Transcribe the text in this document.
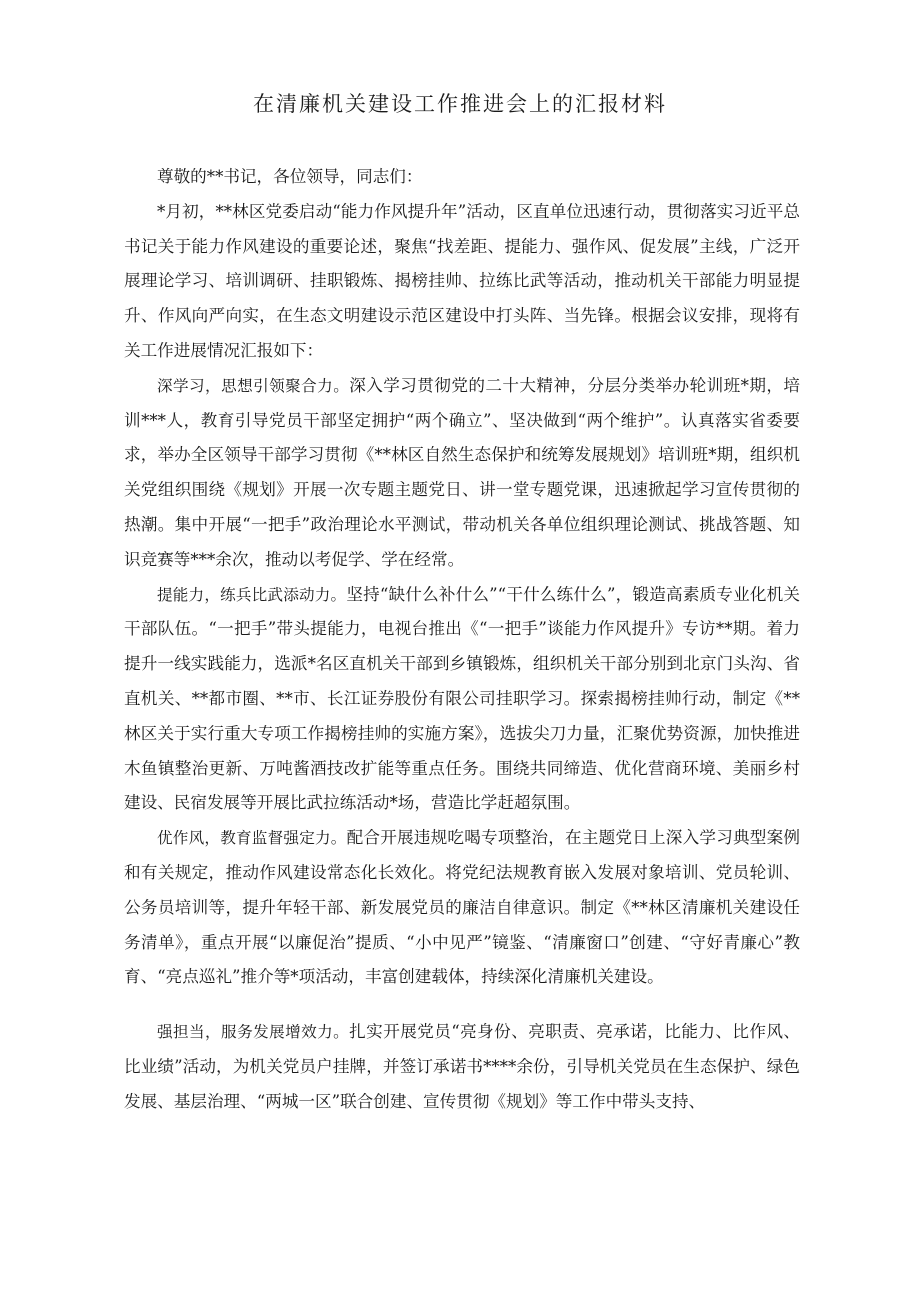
在清廉机关建设工作推进会上的汇报材料

尊敬的**书记，各位领导，同志们：

*月初，**林区党委启动“能力作风提升年”活动，区直单位迅速行动，贯彻落实习近平总书记关于能力作风建设的重要论述，聚焦“找差距、提能力、强作风、促发展”主线，广泛开展理论学习、培训调研、挂职锻炼、揭榜挂帅、拉练比武等活动，推动机关干部能力明显提升、作风向严向实，在生态文明建设示范区建设中打头阵、当先锋。根据会议安排，现将有关工作进展情况汇报如下：

深学习，思想引领聚合力。深入学习贯彻党的二十大精神，分层分类举办轮训班*期，培训***人，教育引导党员干部坚定拥护“两个确立”、坚决做到“两个维护”。认真落实省委要求，举办全区领导干部学习贯彻《**林区自然生态保护和统筹发展规划》培训班*期，组织机关党组织围绕《规划》开展一次专题主题党日、讲一堂专题党课，迅速掀起学习宣传贯彻的热潮。集中开展“一把手”政治理论水平测试，带动机关各单位组织理论测试、挑战答题、知识竞赛等***余次，推动以考促学、学在经常。

提能力，练兵比武添动力。坚持“缺什么补什么”“干什么练什么”，锻造高素质专业化机关干部队伍。“一把手”带头提能力，电视台推出《“一把手”谈能力作风提升》专访**期。着力提升一线实践能力，选派*名区直机关干部到乡镇锻炼，组织机关干部分别到北京门头沟、省直机关、**都市圈、**市、长江证券股份有限公司挂职学习。探索揭榜挂帅行动，制定《**林区关于实行重大专项工作揭榜挂帅的实施方案》，选拔尖刀力量，汇聚优势资源，加快推进木鱼镇整治更新、万吨酱酒技改扩能等重点任务。围绕共同缔造、优化营商环境、美丽乡村建设、民宿发展等开展比武拉练活动*场，营造比学赶超氛围。

优作风，教育监督强定力。配合开展违规吃喝专项整治，在主题党日上深入学习典型案例和有关规定，推动作风建设常态化长效化。将党纪法规教育嵌入发展对象培训、党员轮训、公务员培训等，提升年轻干部、新发展党员的廉洁自律意识。制定《**林区清廉机关建设任务清单》，重点开展“以廉促治”提质、“小中见严”镜鉴、“清廉窗口”创建、“守好青廉心”教育、“亮点巡礼”推介等*项活动，丰富创建载体，持续深化清廉机关建设。

强担当，服务发展增效力。扎实开展党员“亮身份、亮职责、亮承诺，比能力、比作风、比业绩”活动，为机关党员户挂牌，并签订承诺书****余份，引导机关党员在生态保护、绿色发展、基层治理、“两城一区”联合创建、宣传贯彻《规划》等工作中带头支持、
